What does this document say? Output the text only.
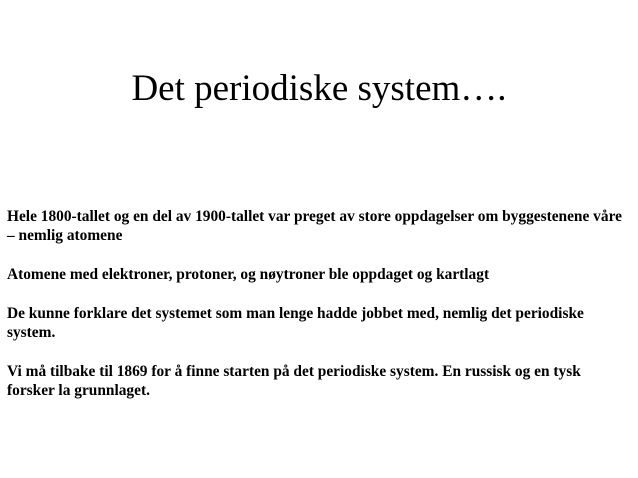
Det periodiske system….

Hele 1800-tallet og en del av 1900-tallet var preget av store oppdagelser om byggestenene våre – nemlig atomene

Atomene med elektroner, protoner, og nøytroner ble oppdaget og kartlagt

De kunne forklare det systemet som man lenge hadde jobbet med, nemlig det periodiske system.

Vi må tilbake til 1869 for å finne starten på det periodiske system. En russisk og en tysk forsker la grunnlaget.
